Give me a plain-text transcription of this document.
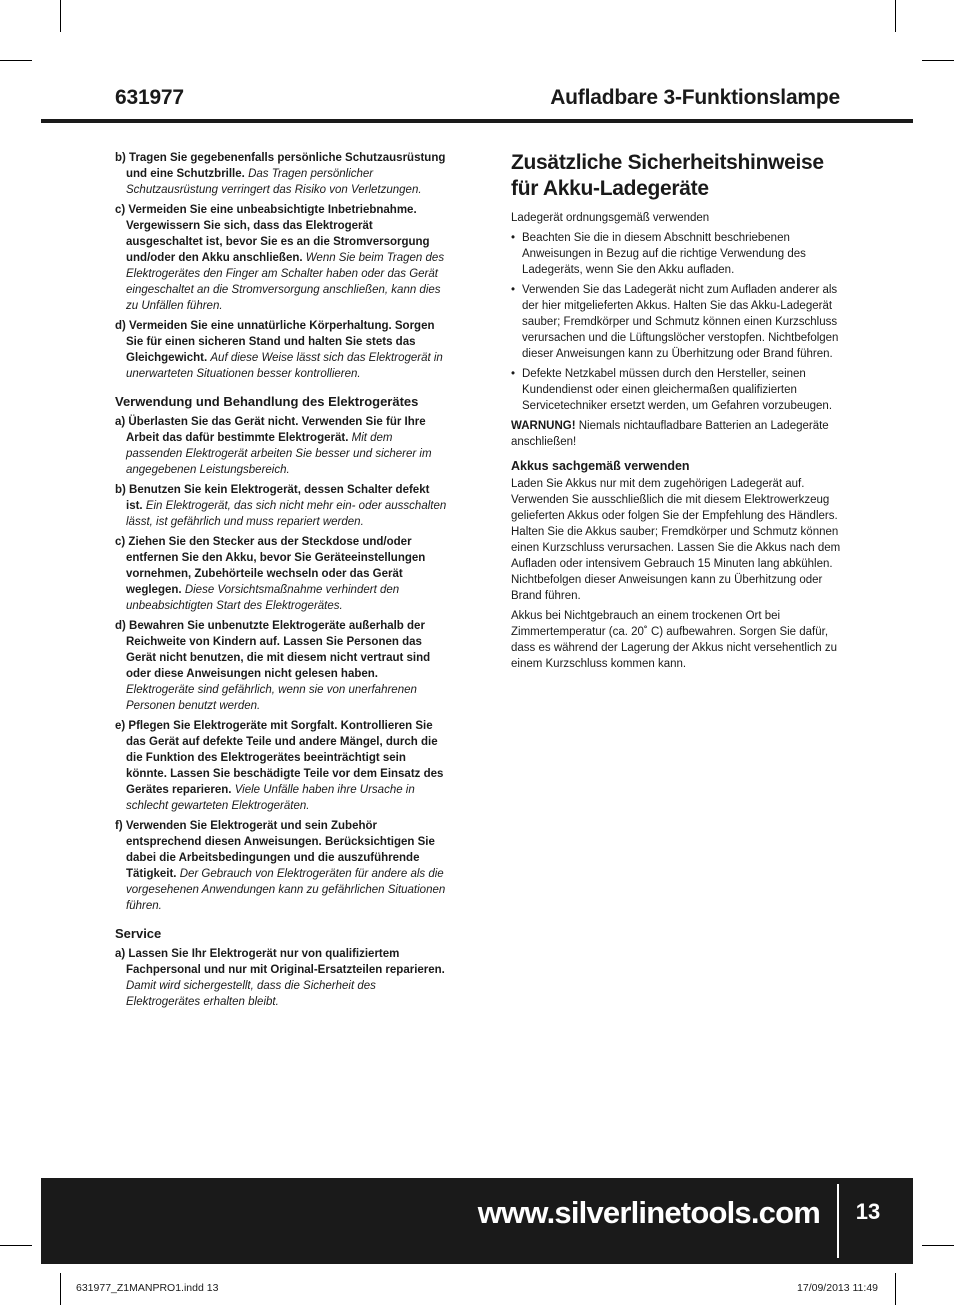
631977	Aufladbare 3-Funktionslampe
b) Tragen Sie gegebenenfalls persönliche Schutzausrüstung und eine Schutzbrille. Das Tragen persönlicher Schutzausrüstung verringert das Risiko von Verletzungen.
c) Vermeiden Sie eine unbeabsichtigte Inbetriebnahme. Vergewissern Sie sich, dass das Elektrogerät ausgeschaltet ist, bevor Sie es an die Stromversorgung und/oder den Akku anschließen. Wenn Sie beim Tragen des Elektrogerätes den Finger am Schalter haben oder das Gerät eingeschaltet an die Stromversorgung anschließen, kann dies zu Unfällen führen.
d) Vermeiden Sie eine unnatürliche Körperhaltung. Sorgen Sie für einen sicheren Stand und halten Sie stets das Gleichgewicht. Auf diese Weise lässt sich das Elektrogerät in unerwarteten Situationen besser kontrollieren.
Verwendung und Behandlung des Elektrogerätes
a) Überlasten Sie das Gerät nicht. Verwenden Sie für Ihre Arbeit das dafür bestimmte Elektrogerät. Mit dem passenden Elektrogerät arbeiten Sie besser und sicherer im angegebenen Leistungsbereich.
b) Benutzen Sie kein Elektrogerät, dessen Schalter defekt ist. Ein Elektrogerät, das sich nicht mehr ein- oder ausschalten lässt, ist gefährlich und muss repariert werden.
c) Ziehen Sie den Stecker aus der Steckdose und/oder entfernen Sie den Akku, bevor Sie Geräteeinstellungen vornehmen, Zubehörteile wechseln oder das Gerät weglegen. Diese Vorsichtsmaßnahme verhindert den unbeabsichtigten Start des Elektrogerätes.
d) Bewahren Sie unbenutzte Elektrogeräte außerhalb der Reichweite von Kindern auf. Lassen Sie Personen das Gerät nicht benutzen, die mit diesem nicht vertraut sind oder diese Anweisungen nicht gelesen haben. Elektrogeräte sind gefährlich, wenn sie von unerfahrenen Personen benutzt werden.
e) Pflegen Sie Elektrogeräte mit Sorgfalt. Kontrollieren Sie das Gerät auf defekte Teile und andere Mängel, durch die die Funktion des Elektrogerätes beeinträchtigt sein könnte. Lassen Sie beschädigte Teile vor dem Einsatz des Gerätes reparieren. Viele Unfälle haben ihre Ursache in schlecht gewarteten Elektrogeräten.
f) Verwenden Sie Elektrogerät und sein Zubehör entsprechend diesen Anweisungen. Berücksichtigen Sie dabei die Arbeitsbedingungen und die auszuführende Tätigkeit. Der Gebrauch von Elektrogeräten für andere als die vorgesehenen Anwendungen kann zu gefährlichen Situationen führen.
Service
a) Lassen Sie Ihr Elektrogerät nur von qualifiziertem Fachpersonal und nur mit Original-Ersatzteilen reparieren. Damit wird sichergestellt, dass die Sicherheit des Elektrogerätes erhalten bleibt.
Zusätzliche Sicherheitshinweise für Akku-Ladegeräte
Ladegerät ordnungsgemäß verwenden
• Beachten Sie die in diesem Abschnitt beschriebenen Anweisungen in Bezug auf die richtige Verwendung des Ladegeräts, wenn Sie den Akku aufladen.
• Verwenden Sie das Ladegerät nicht zum Aufladen anderer als der hier mitgelieferten Akkus. Halten Sie das Akku-Ladegerät sauber; Fremdkörper und Schmutz können einen Kurzschluss verursachen und die Lüftungslöcher verstopfen. Nichtbefolgen dieser Anweisungen kann zu Überhitzung oder Brand führen.
• Defekte Netzkabel müssen durch den Hersteller, seinen Kundendienst oder einen gleichermaßen qualifizierten Servicetechniker ersetzt werden, um Gefahren vorzubeugen.
WARNUNG! Niemals nichtaufladbare Batterien an Ladegeräte anschließen!
Akkus sachgemäß verwenden
Laden Sie Akkus nur mit dem zugehörigen Ladegerät auf. Verwenden Sie ausschließlich die mit diesem Elektrowerkzeug gelieferten Akkus oder folgen Sie der Empfehlung des Händlers. Halten Sie die Akkus sauber; Fremdkörper und Schmutz können einen Kurzschluss verursachen. Lassen Sie die Akkus nach dem Aufladen oder intensivem Gebrauch 15 Minuten lang abkühlen. Nichtbefolgen dieser Anweisungen kann zu Überhitzung oder Brand führen.
Akkus bei Nichtgebrauch an einem trockenen Ort bei Zimmertemperatur (ca. 20˚ C) aufbewahren. Sorgen Sie dafür, dass es während der Lagerung der Akkus nicht versehentlich zu einem Kurzschluss kommen kann.
www.silverlinetools.com	13
631977_Z1MANPRO1.indd 13	17/09/2013 11:49
